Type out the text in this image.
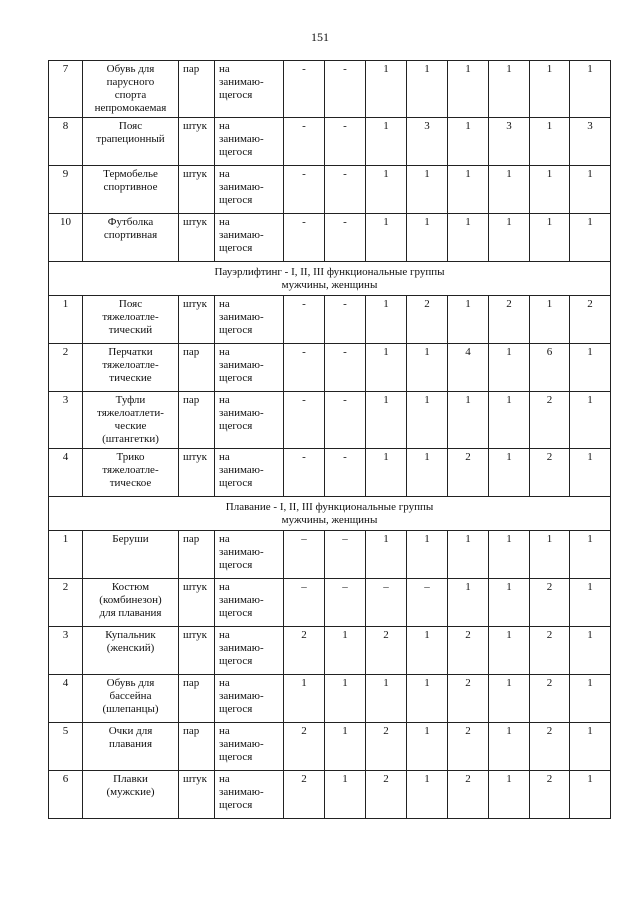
151
7	Обувь для
парусного
спорта
непромокаемая	пар	на
занимаю-
щегося	-	-	1	1	1	1	1	1
8	Пояс
трапеционный	штук	на
занимаю-
щегося	-	-	1	3	1	3	1	3
9	Термобелье
спортивное	штук	на
занимаю-
щегося	-	-	1	1	1	1	1	1
10	Футболка
спортивная	штук	на
занимаю-
щегося	-	-	1	1	1	1	1	1
Пауэрлифтинг - I, II, III функциональные группы
мужчины, женщины											
1	Пояс
тяжелоатле-
тический	штук	на
занимаю-
щегося	-	-	1	2	1	2	1	2
2	Перчатки
тяжелоатле-
тические	пар	на
занимаю-
щегося	-	-	1	1	4	1	6	1
3	Туфли
тяжелоатлети-
ческие
(штангетки)	пар	на
занимаю-
щегося	-	-	1	1	1	1	2	1
4	Трико
тяжелоатле-
тическое	штук	на
занимаю-
щегося	-	-	1	1	2	1	2	1
Плавание - I, II, III функциональные группы
мужчины, женщины											
1	Беруши	пар	на
занимаю-
щегося	–	–	1	1	1	1	1	1
2	Костюм
(комбинезон)
для плавания	штук	на
занимаю-
щегося	–	–	–	–	1	1	2	1
3	Купальник
(женский)	штук	на
занимаю-
щегося	2	1	2	1	2	1	2	1
4	Обувь для
бассейна
(шлепанцы)	пар	на
занимаю-
щегося	1	1	1	1	2	1	2	1
5	Очки для
плавания	пар	на
занимаю-
щегося	2	1	2	1	2	1	2	1
6	Плавки
(мужские)	штук	на
занимаю-
щегося	2	1	2	1	2	1	2	1
